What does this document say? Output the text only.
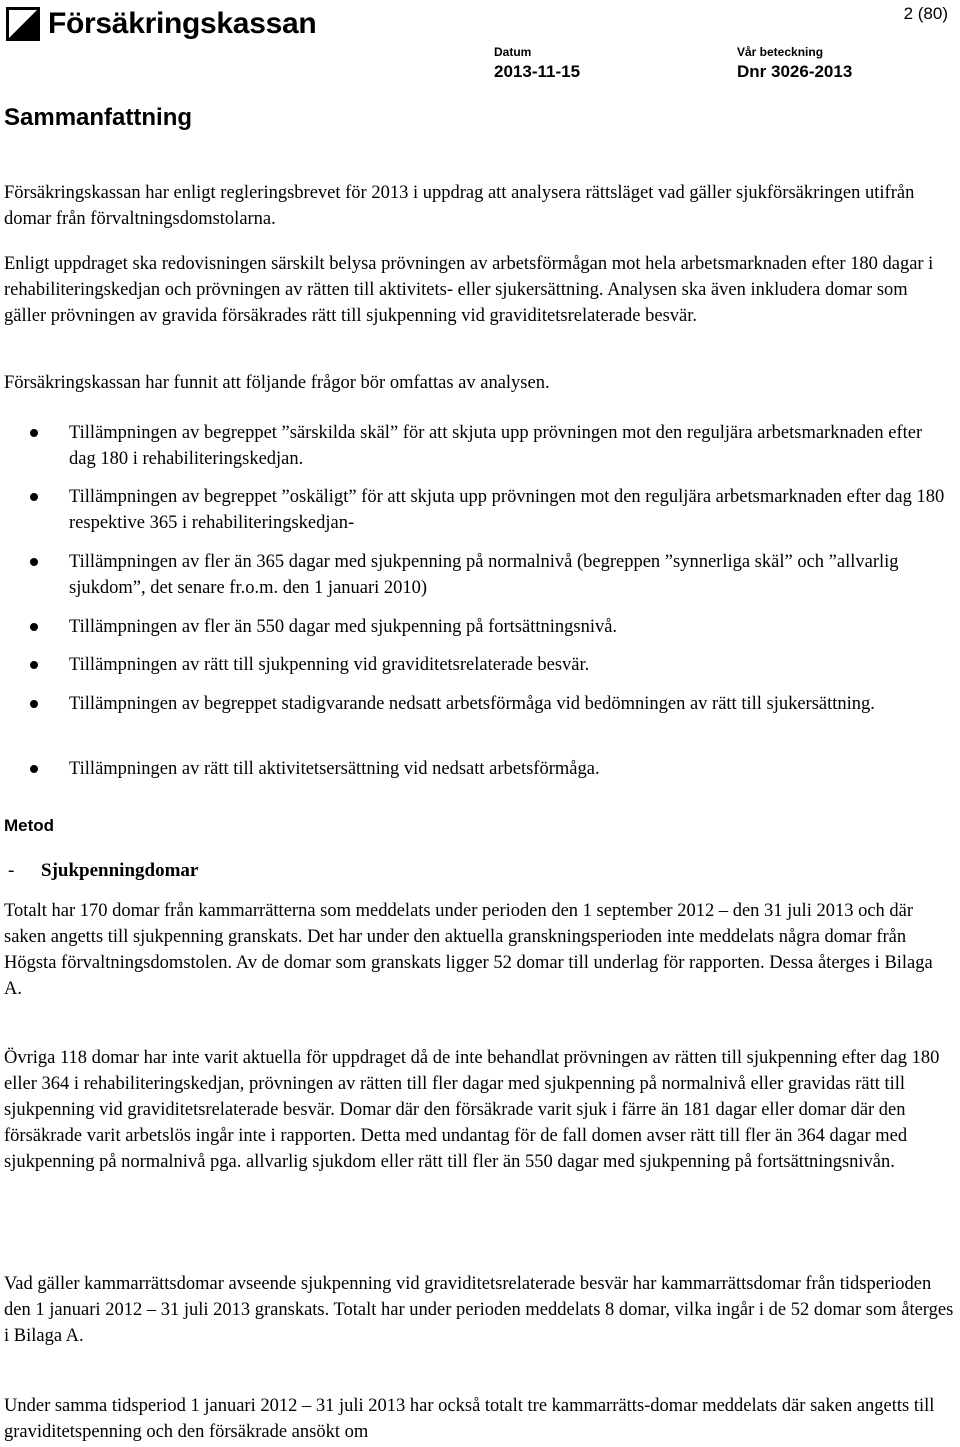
Försäkringskassan	2 (80)
Datum
2013-11-15
Vår beteckning
Dnr 3026-2013
Sammanfattning

Försäkringskassan har enligt regleringsbrevet för 2013 i uppdrag att analysera rättsläget vad gäller sjukförsäkringen utifrån domar från förvaltningsdomstolarna.

Enligt uppdraget ska redovisningen särskilt belysa prövningen av arbetsförmågan mot hela arbetsmarknaden efter 180 dagar i rehabiliteringskedjan och prövningen av rätten till aktivitets- eller sjukersättning. Analysen ska även inkludera domar som gäller prövningen av gravida försäkrades rätt till sjukpenning vid graviditetsrelaterade besvär.

Försäkringskassan har funnit att följande frågor bör omfattas av analysen.

Tillämpningen av begreppet ”särskilda skäl” för att skjuta upp prövningen mot den reguljära arbetsmarknaden efter dag 180 i rehabiliteringskedjan.
Tillämpningen av begreppet ”oskäligt” för att skjuta upp prövningen mot den reguljära arbetsmarknaden efter dag 180 respektive 365 i rehabiliteringskedjan-
Tillämpningen av fler än 365 dagar med sjukpenning på normalnivå (begreppen ”synnerliga skäl” och ”allvarlig sjukdom”, det senare fr.o.m. den 1 januari 2010)
Tillämpningen av fler än 550 dagar med sjukpenning på fortsättningsnivå.
Tillämpningen av rätt till sjukpenning vid graviditetsrelaterade besvär.
Tillämpningen av begreppet stadigvarande nedsatt arbetsförmåga vid bedömningen av rätt till sjukersättning.
Tillämpningen av rätt till aktivitetsersättning vid nedsatt arbetsförmåga.
Metod
- Sjukpenningdomar

Totalt har 170 domar från kammarrätterna som meddelats under perioden den 1 september 2012 – den 31 juli 2013 och där saken angetts till sjukpenning granskats. Det har under den aktuella granskningsperioden inte meddelats några domar från Högsta förvaltningsdomstolen. Av de domar som granskats ligger 52 domar till underlag för rapporten. Dessa återges i Bilaga A.

Övriga 118 domar har inte varit aktuella för uppdraget då de inte behandlat prövningen av rätten till sjukpenning efter dag 180 eller 364 i rehabiliteringskedjan, prövningen av rätten till fler dagar med sjukpenning på normalnivå eller gravidas rätt till sjukpenning vid graviditetsrelaterade besvär. Domar där den försäkrade varit sjuk i färre än 181 dagar eller domar där den försäkrade varit arbetslös ingår inte i rapporten. Detta med undantag för de fall domen avser rätt till fler än 364 dagar med sjukpenning på normalnivå pga. allvarlig sjukdom eller rätt till fler än 550 dagar med sjukpenning på fortsättningsnivån.

Vad gäller kammarrättsdomar avseende sjukpenning vid graviditetsrelaterade besvär har kammarrättsdomar från tidsperioden den 1 januari 2012 – 31 juli 2013 granskats. Totalt har under perioden meddelats 8 domar, vilka ingår i de 52 domar som återges i Bilaga A.

Under samma tidsperiod 1 januari 2012 – 31 juli 2013 har också totalt tre kammarrätts-domar meddelats där saken angetts till graviditetspenning och den försäkrade ansökt om
